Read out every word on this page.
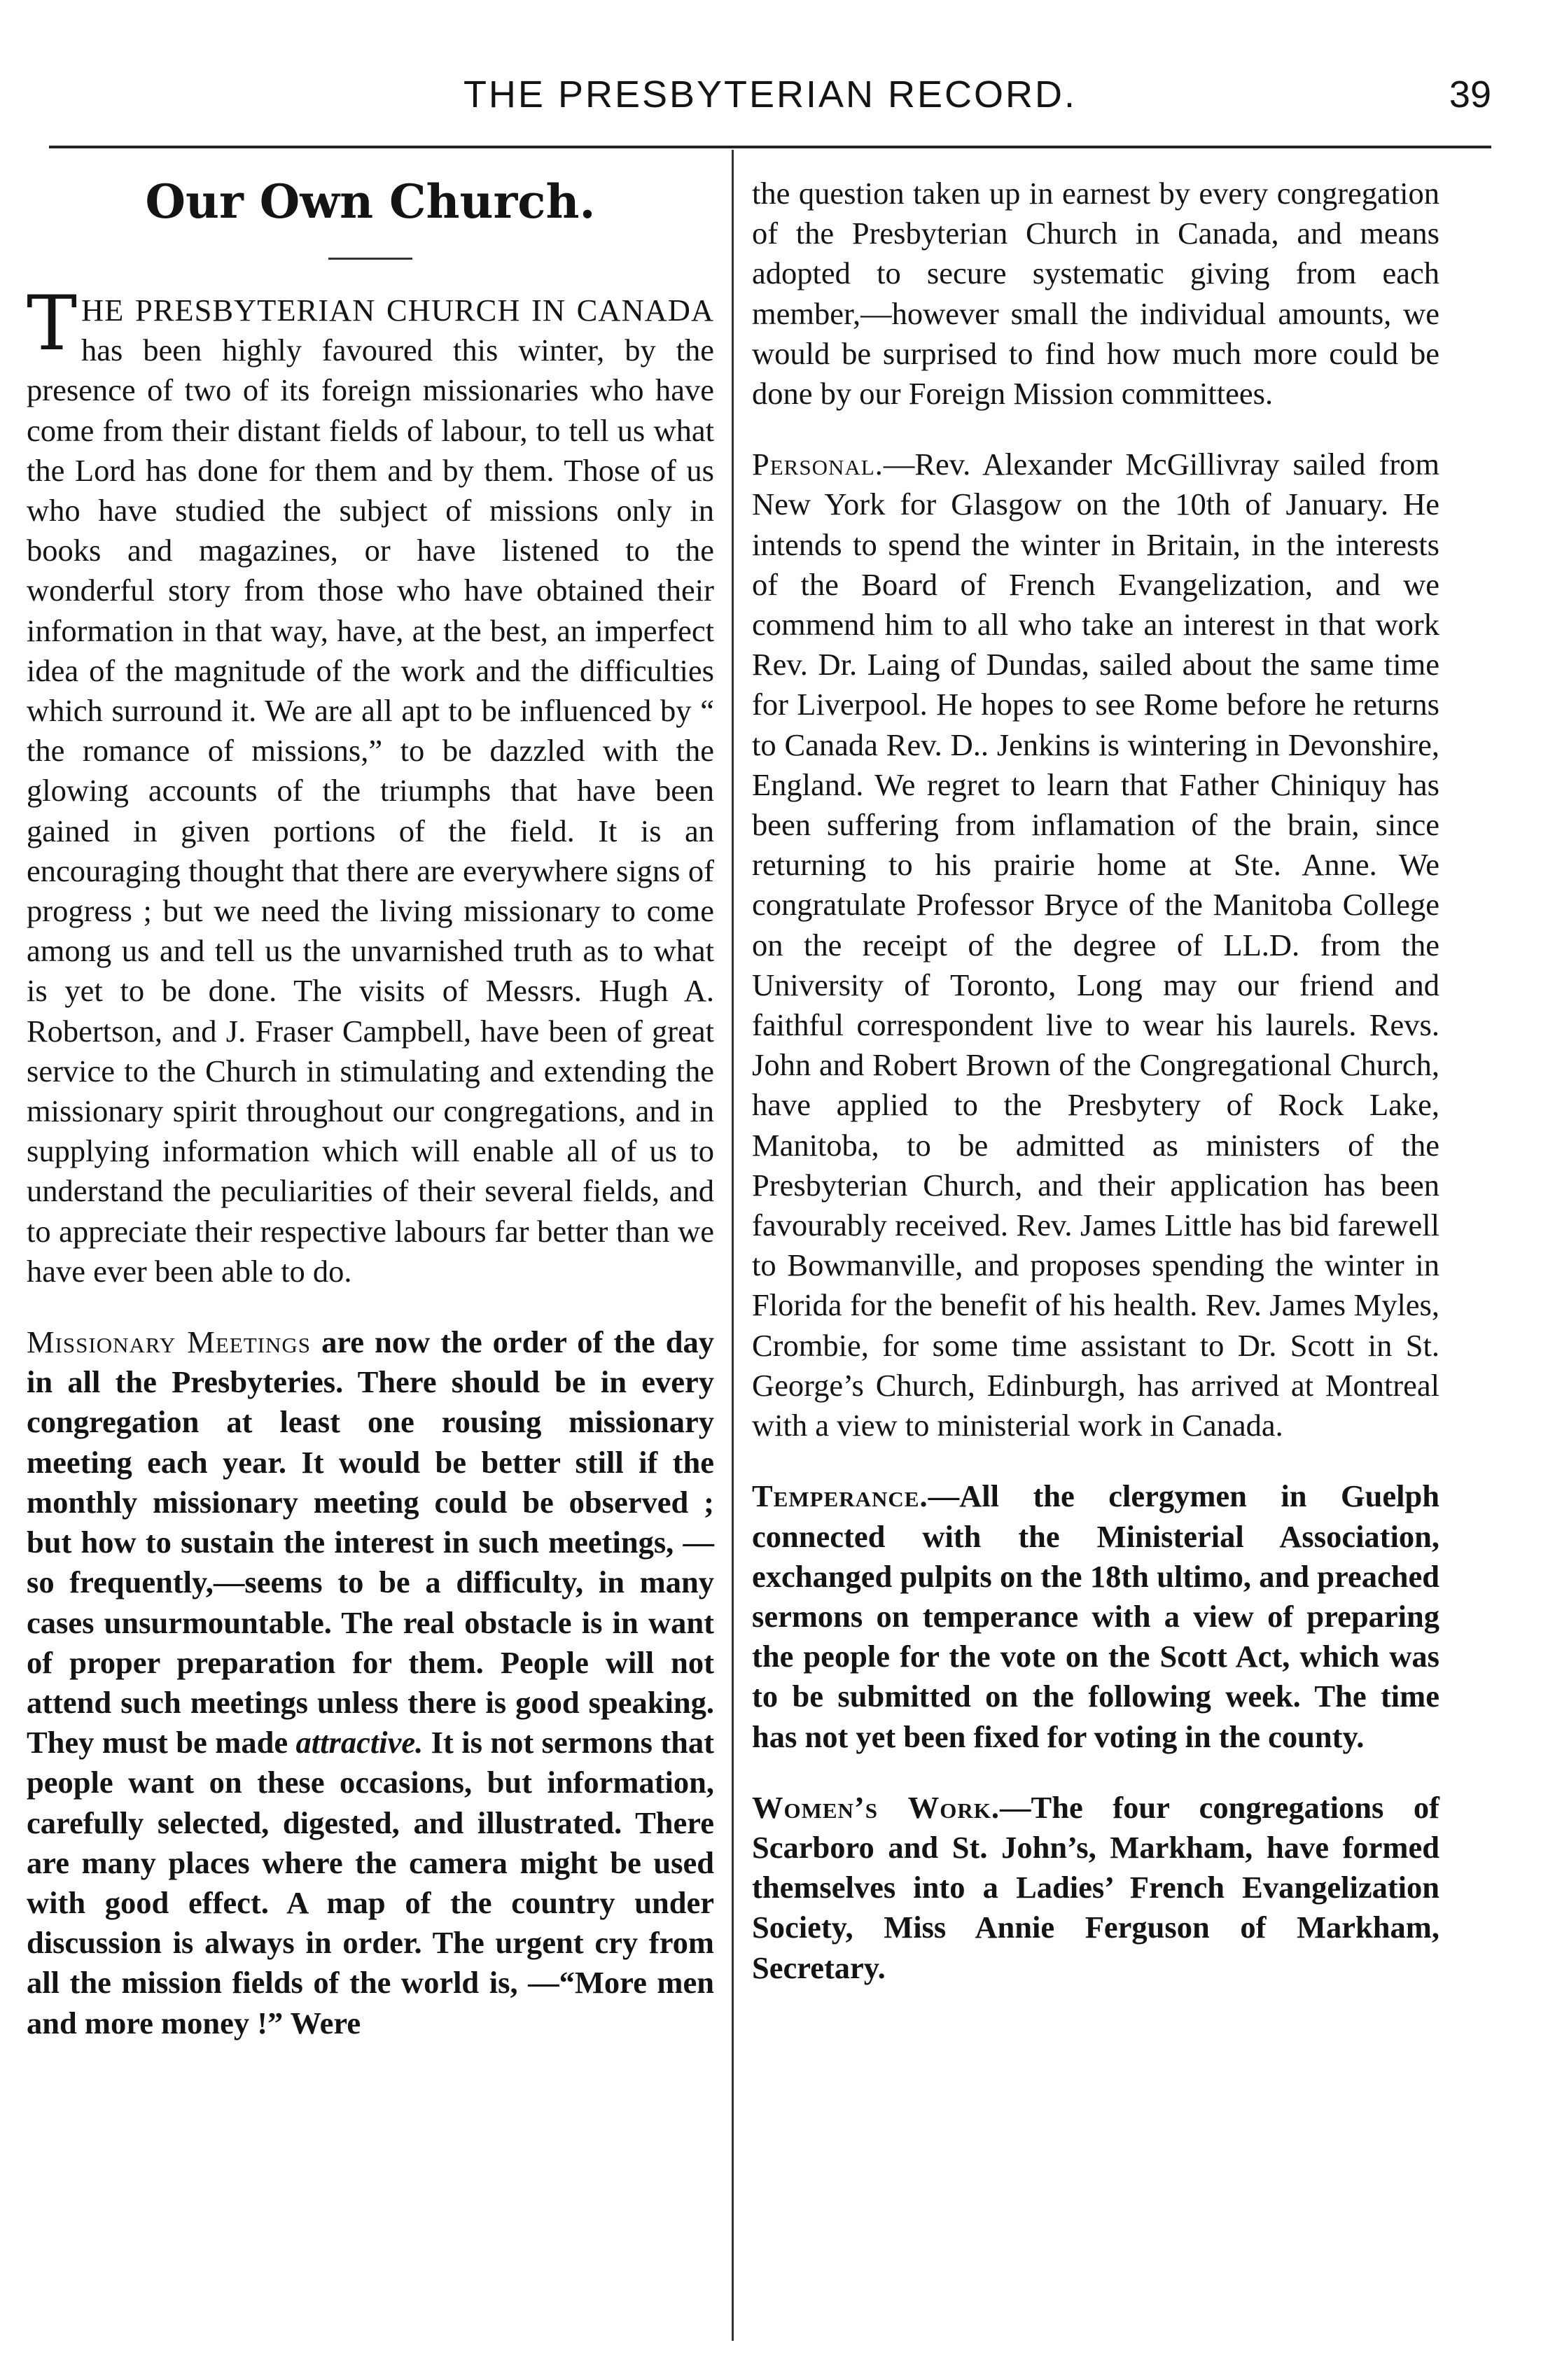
THE PRESBYTERIAN RECORD.	39
Our Own Church.

THE PRESBYTERIAN CHURCH IN CANADA has been highly favoured this winter, by the presence of two of its foreign missionaries who have come from their distant fields of labour, to tell us what the Lord has done for them and by them. Those of us who have studied the subject of missions only in books and magazines, or have listened to the wonderful story from those who have obtained their information in that way, have, at the best, an imperfect idea of the magnitude of the work and the difficulties which surround it. We are all apt to be influenced by “ the romance of missions,” to be dazzled with the glowing accounts of the triumphs that have been gained in given portions of the field. It is an encouraging thought that there are everywhere signs of progress ; but we need the living missionary to come among us and tell us the unvarnished truth as to what is yet to be done. The visits of Messrs. Hugh A. Robertson, and J. Fraser Campbell, have been of great service to the Church in stimulating and extending the missionary spirit throughout our congregations, and in supplying information which will enable all of us to understand the peculiarities of their several fields, and to appreciate their respective labours far better than we have ever been able to do.

Missionary Meetings are now the order of the day in all the Presbyteries. There should be in every congregation at least one rousing missionary meeting each year. It would be better still if the monthly missionary meeting could be observed ; but how to sustain the interest in such meetings, —so frequently,—seems to be a difficulty, in many cases unsurmountable. The real obstacle is in want of proper preparation for them. People will not attend such meetings unless there is good speaking. They must be made attractive. It is not sermons that people want on these occasions, but information, carefully selected, digested, and illustrated. There are many places where the camera might be used with good effect. A map of the country under discussion is always in order. The urgent cry from all the mission fields of the world is, —“More men and more money !” Were

the question taken up in earnest by every congregation of the Presbyterian Church in Canada, and means adopted to secure systematic giving from each member,—however small the individual amounts, we would be surprised to find how much more could be done by our Foreign Mission committees.

Personal.—Rev. Alexander McGillivray sailed from New York for Glasgow on the 10th of January. He intends to spend the winter in Britain, in the interests of the Board of French Evangelization, and we commend him to all who take an interest in that work Rev. Dr. Laing of Dundas, sailed about the same time for Liverpool. He hopes to see Rome before he returns to Canada Rev. D.. Jenkins is wintering in Devonshire, England. We regret to learn that Father Chiniquy has been suffering from inflamation of the brain, since returning to his prairie home at Ste. Anne. We congratulate Professor Bryce of the Manitoba College on the receipt of the degree of LL.D. from the University of Toronto, Long may our friend and faithful correspondent live to wear his laurels. Revs. John and Robert Brown of the Congregational Church, have applied to the Presbytery of Rock Lake, Manitoba, to be admitted as ministers of the Presbyterian Church, and their application has been favourably received. Rev. James Little has bid farewell to Bowmanville, and proposes spending the winter in Florida for the benefit of his health. Rev. James Myles, Crombie, for some time assistant to Dr. Scott in St. George’s Church, Edinburgh, has arrived at Montreal with a view to ministerial work in Canada.

Temperance.—All the clergymen in Guelph connected with the Ministerial Association, exchanged pulpits on the 18th ultimo, and preached sermons on temperance with a view of preparing the people for the vote on the Scott Act, which was to be submitted on the following week. The time has not yet been fixed for voting in the county.

Women’s Work.—The four congregations of Scarboro and St. John’s, Markham, have formed themselves into a Ladies’ French Evangelization Society, Miss Annie Ferguson of Markham, Secretary.
